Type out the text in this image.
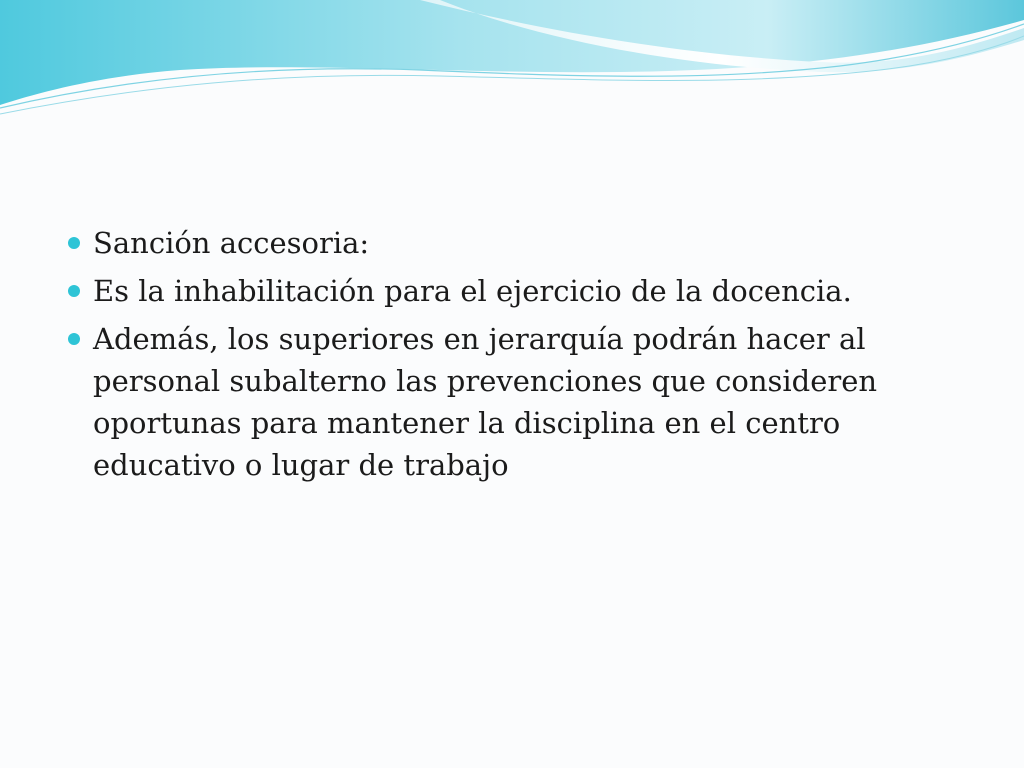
Sanción accesoria:
Es la inhabilitación para el ejercicio de la docencia.
Además, los superiores en jerarquía podrán hacer al personal subalterno las prevenciones que consideren oportunas para mantener la disciplina en el centro educativo o lugar de trabajo
